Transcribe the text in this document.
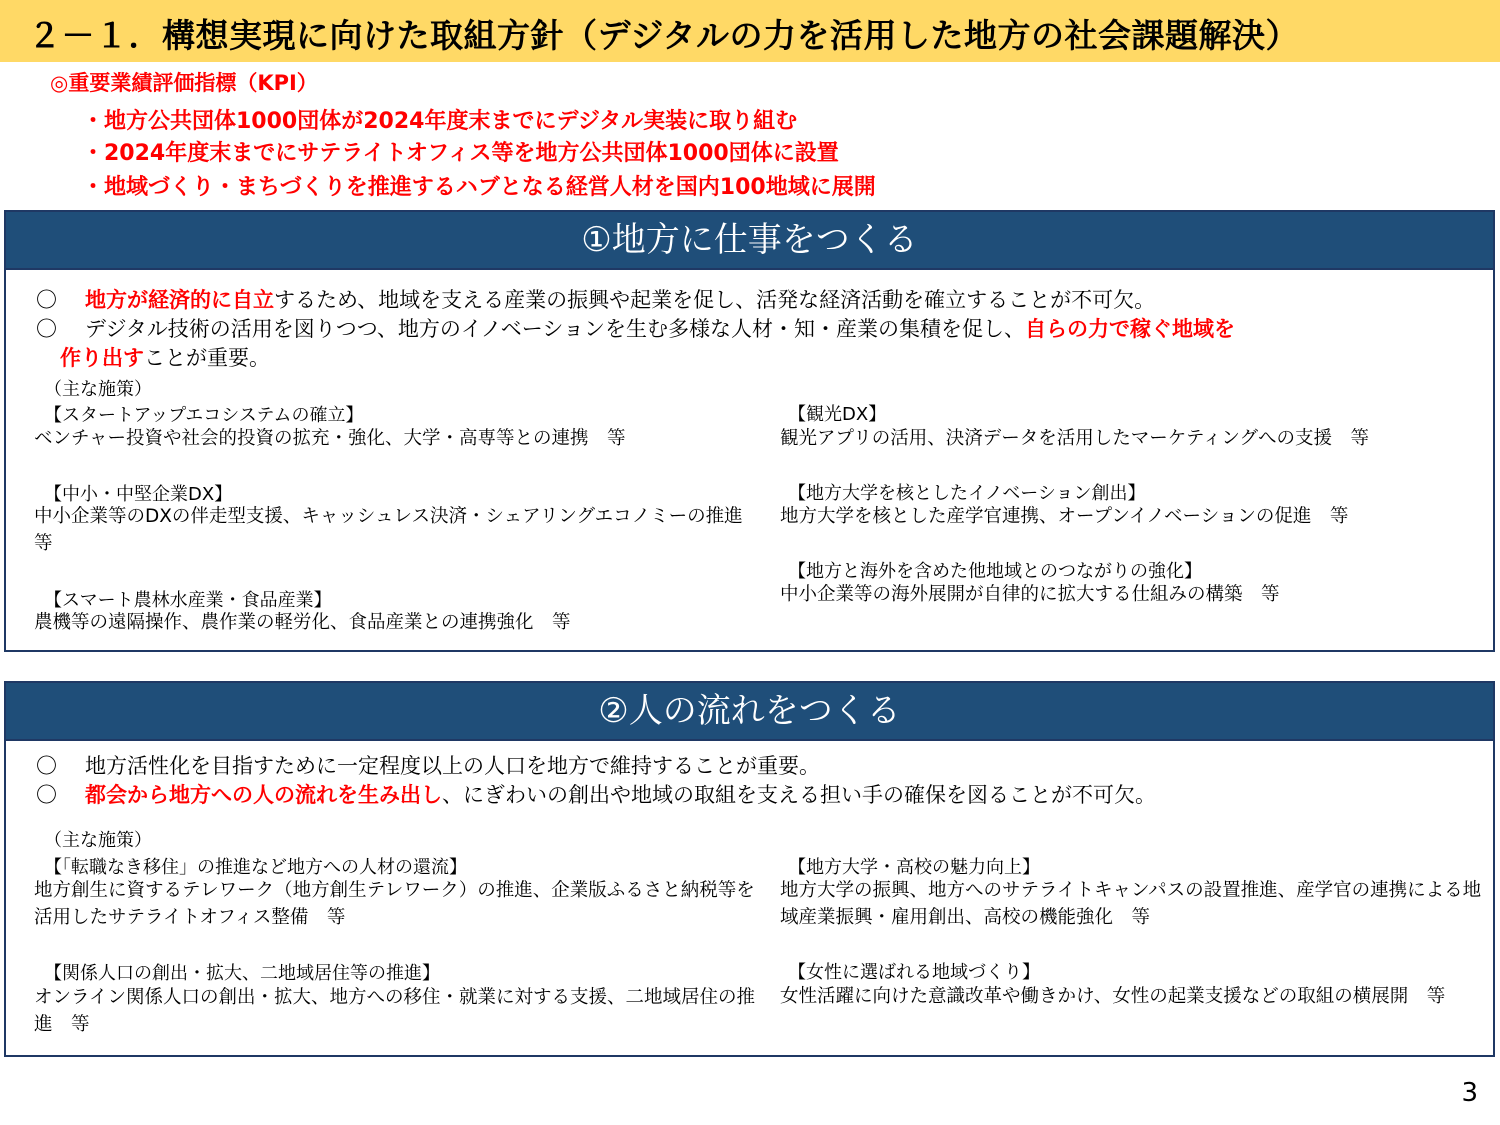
２－１．構想実現に向けた取組方針（デジタルの力を活用した地方の社会課題解決）
◎重要業績評価指標（KPI）
・地方公共団体1000団体が2024年度末までにデジタル実装に取り組む
・2024年度末までにサテライトオフィス等を地方公共団体1000団体に設置
・地域づくり・まちづくりを推進するハブとなる経営人材を国内100地域に展開
①地方に仕事をつくる
〇 地方が経済的に自立するため、地域を支える産業の振興や起業を促し、活発な経済活動を確立することが不可欠。
〇 デジタル技術の活用を図りつつ、地方のイノベーションを生む多様な人材・知・産業の集積を促し、自らの力で稼ぐ地域を
作り出すことが重要。
（主な施策）
【スタートアップエコシステムの確立】
ベンチャー投資や社会的投資の拡充・強化、大学・高専等との連携　等
【中小・中堅企業DX】
中小企業等のDXの伴走型支援、キャッシュレス決済・シェアリングエコノミーの推進　等
【スマート農林水産業・食品産業】
農機等の遠隔操作、農作業の軽労化、食品産業との連携強化　等
【観光DX】
観光アプリの活用、決済データを活用したマーケティングへの支援　等
【地方大学を核としたイノベーション創出】
地方大学を核とした産学官連携、オープンイノベーションの促進　等
【地方と海外を含めた他地域とのつながりの強化】
中小企業等の海外展開が自律的に拡大する仕組みの構築　等
②人の流れをつくる
〇 地方活性化を目指すために一定程度以上の人口を地方で維持することが重要。
〇 都会から地方への人の流れを生み出し、にぎわいの創出や地域の取組を支える担い手の確保を図ることが不可欠。
（主な施策）
【「転職なき移住」の推進など地方への人材の還流】
地方創生に資するテレワーク（地方創生テレワーク）の推進、企業版ふるさと納税等を活用したサテライトオフィス整備　等
【関係人口の創出・拡大、二地域居住等の推進】
オンライン関係人口の創出・拡大、地方への移住・就業に対する支援、二地域居住の推進　等
【地方大学・高校の魅力向上】
地方大学の振興、地方へのサテライトキャンパスの設置推進、産学官の連携による地域産業振興・雇用創出、高校の機能強化　等
【女性に選ばれる地域づくり】
女性活躍に向けた意識改革や働きかけ、女性の起業支援などの取組の横展開　等
3
